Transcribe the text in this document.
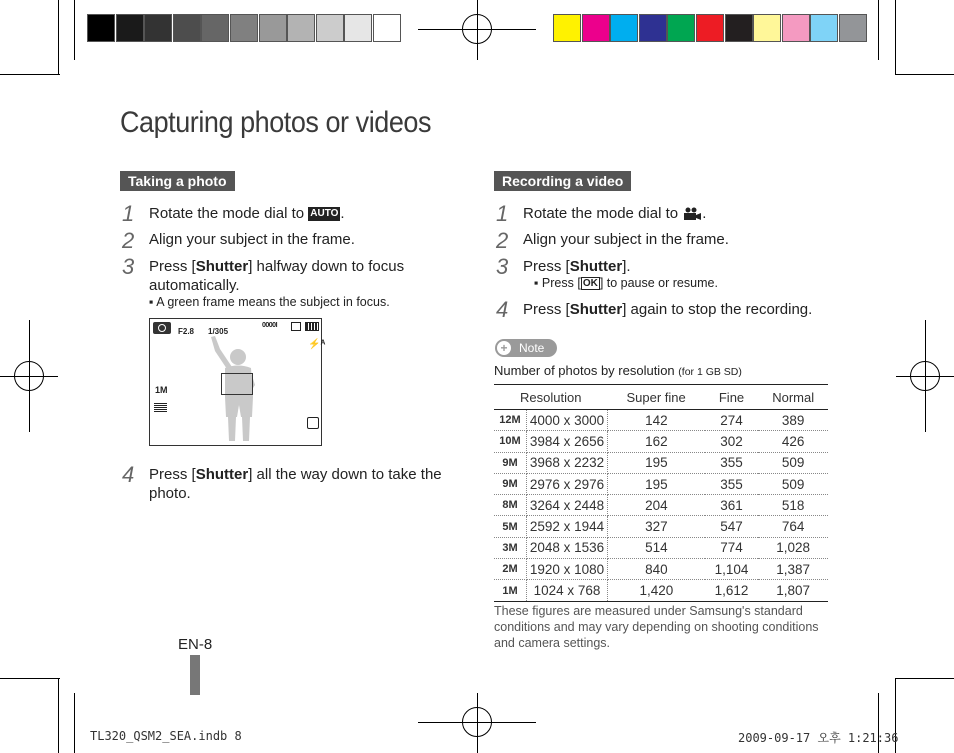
Capturing photos or videos
Taking a photo
1 Rotate the mode dial to AUTO .
2 Align your subject in the frame.
3 Press [Shutter] halfway down to focus
automatically.
▪ A green frame means the subject in focus.
F2.8 1/305
0000I
⚡ᴬ
1M
4 Press [Shutter] all the way down to take the
photo.
Recording a video
1 Rotate the mode dial to .
2 Align your subject in the frame.
3 Press [Shutter].
▪ Press [ OK ] to pause or resume.
4 Press [Shutter] again to stop the recording.
+ Note
Number of photos by resolution (for 1 GB SD)
Resolution		Super fine	Fine	Normal
12M	4000 x 3000	142	274	389
10M	3984 x 2656	162	302	426
9M	3968 x 2232	195	355	509
9M	2976 x 2976	195	355	509
8M	3264 x 2448	204	361	518
5M	2592 x 1944	327	547	764
3M	2048 x 1536	514	774	1,028
2M	1920 x 1080	840	1,104	1,387
1M	1024 x 768	1,420	1,612	1,807
These figures are measured under Samsung's standard conditions and may vary depending on shooting conditions and camera settings.
EN-8
TL320_QSM2_SEA.indb 8	2009-09-17 오후 1:21:36
